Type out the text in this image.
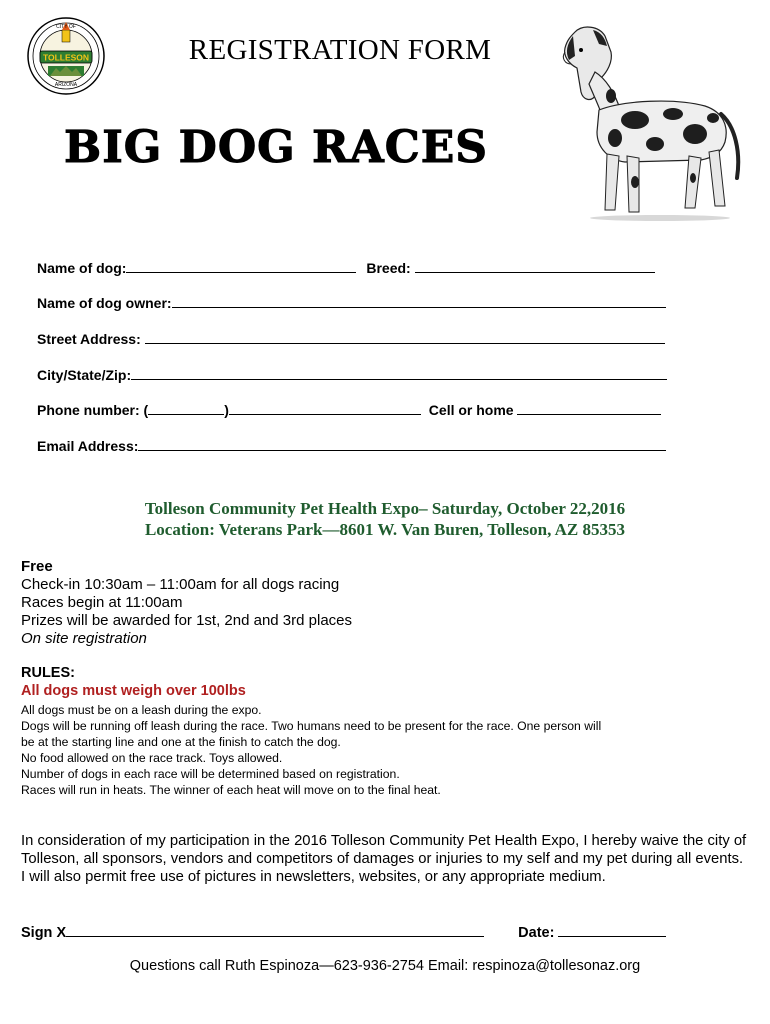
TOLLESON
ARIZONA
CITY OF
REGISTRATION FORM
BIG DOG RACES
Name of dog:	Breed:
Name of dog owner:
Street Address:
City/State/Zip:
Phone number: (	)	Cell or home
Email Address:
Tolleson Community Pet Health Expo– Saturday, October 22,2016
Location: Veterans Park—8601 W. Van Buren, Tolleson, AZ 85353
Free
Check-in 10:30am – 11:00am for all dogs racing
Races begin at 11:00am
Prizes will be awarded for 1st, 2nd and 3rd places
On site registration
RULES:
All dogs must weigh over 100lbs
All dogs must be on a leash during the expo.
Dogs will be running off leash during the race. Two humans need to be present for the race. One person will
be at the starting line and one at the finish to catch the dog.
No food allowed on the race track. Toys allowed.
Number of dogs in each race will be determined based on registration.
Races will run in heats. The winner of each heat will move on to the final heat.
In consideration of my participation in the 2016 Tolleson Community Pet Health Expo, I hereby waive the city of Tolleson, all sponsors, vendors and competitors of damages or injuries to my self and my pet during all events. I will also permit free use of pictures in newsletters, websites, or any appropriate medium.
Sign X	Date:
Questions call Ruth Espinoza—623-936-2754 Email: respinoza@tollesonaz.org
